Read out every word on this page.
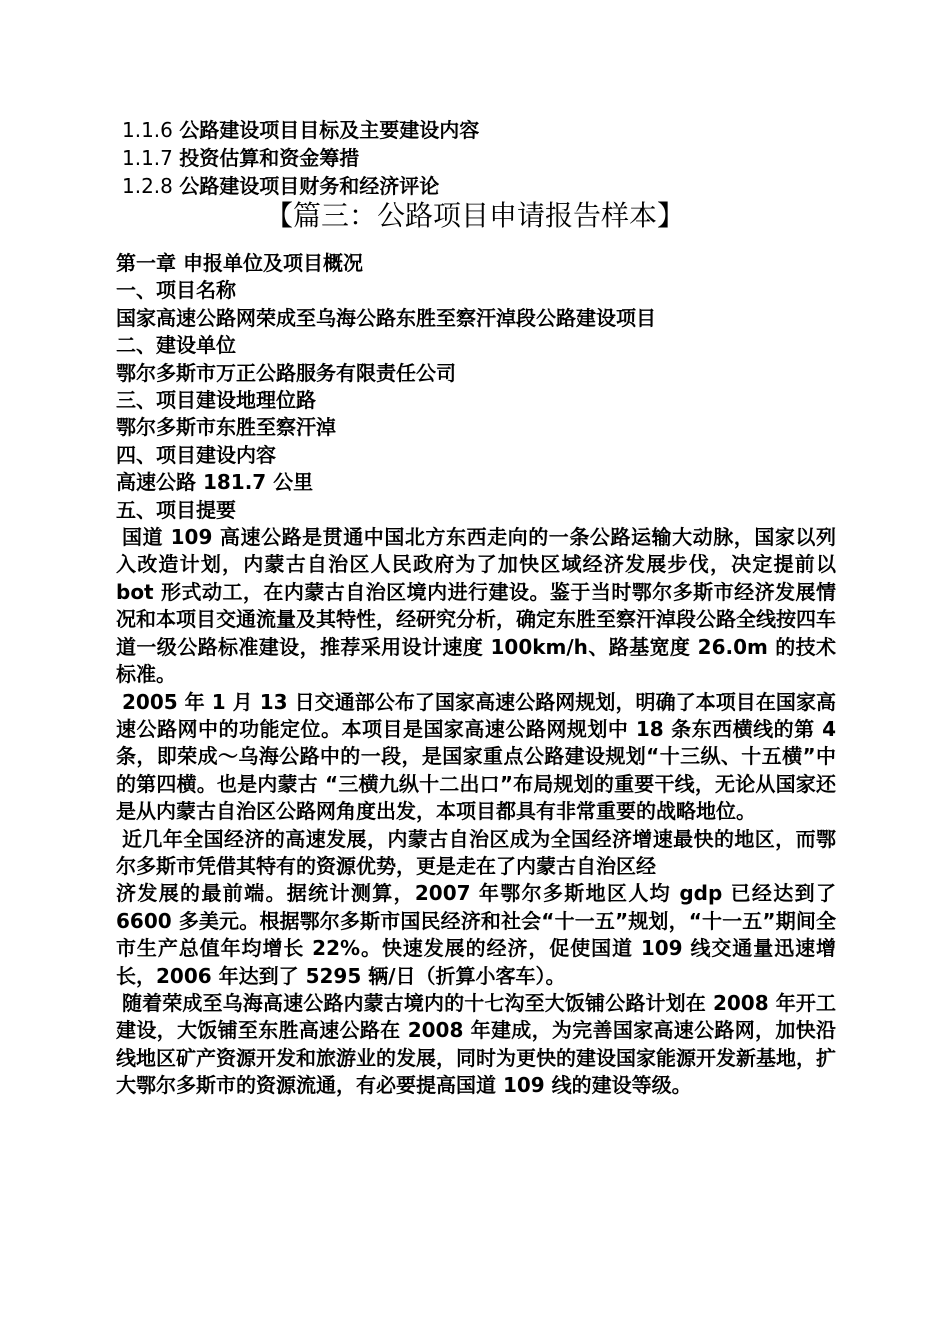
1.1.6 公路建设项目目标及主要建设内容
1.1.7 投资估算和资金筹措
1.2.8 公路建设项目财务和经济评论
【篇三：公路项目申请报告样本】

第一章 申报单位及项目概况

一、项目名称

国家高速公路网荣成至乌海公路东胜至察汗淖段公路建设项目

二、建设单位

鄂尔多斯市万正公路服务有限责任公司

三、项目建设地理位路

鄂尔多斯市东胜至察汗淖

四、项目建设内容

高速公路 181.7 公里

五、项目提要

国道 109 高速公路是贯通中国北方东西走向的一条公路运输大动脉，国家以列入改造计划，内蒙古自治区人民政府为了加快区域经济发展步伐，决定提前以 bot 形式动工，在内蒙古自治区境内进行建设。鉴于当时鄂尔多斯市经济发展情况和本项目交通流量及其特性，经研究分析，确定东胜至察汗淖段公路全线按四车道一级公路标准建设，推荐采用设计速度 100km/h、路基宽度 26.0m 的技术标准。

2005 年 1 月 13 日交通部公布了国家高速公路网规划，明确了本项目在国家高速公路网中的功能定位。本项目是国家高速公路网规划中 18 条东西横线的第 4 条，即荣成～乌海公路中的一段，是国家重点公路建设规划“十三纵、十五横”中的第四横。也是内蒙古 “三横九纵十二出口”布局规划的重要干线，无论从国家还是从内蒙古自治区公路网角度出发，本项目都具有非常重要的战略地位。

近几年全国经济的高速发展，内蒙古自治区成为全国经济增速最快的地区，而鄂尔多斯市凭借其特有的资源优势，更是走在了内蒙古自治区经

济发展的最前端。据统计测算，2007 年鄂尔多斯地区人均 gdp 已经达到了 6600 多美元。根据鄂尔多斯市国民经济和社会“十一五”规划，“十一五”期间全市生产总值年均增长 22%。快速发展的经济，促使国道 109 线交通量迅速增长，2006 年达到了 5295 辆/日（折算小客车）。

随着荣成至乌海高速公路内蒙古境内的十七沟至大饭铺公路计划在 2008 年开工建设，大饭铺至东胜高速公路在 2008 年建成，为完善国家高速公路网，加快沿线地区矿产资源开发和旅游业的发展，同时为更快的建设国家能源开发新基地，扩大鄂尔多斯市的资源流通，有必要提高国道 109 线的建设等级。
